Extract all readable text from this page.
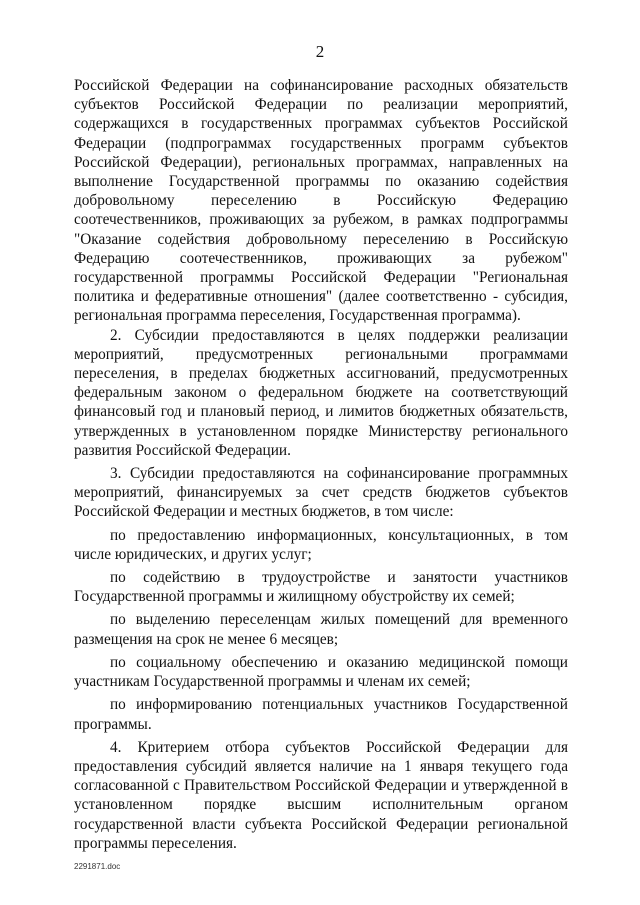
2

Российской Федерации на софинансирование расходных обязательств субъектов Российской Федерации по реализации мероприятий, содержащихся в государственных программах субъектов Российской Федерации (подпрограммах государственных программ субъектов Российской Федерации), региональных программах, направленных на выполнение Государственной программы по оказанию содействия добровольному переселению в Российскую Федерацию соотечественников, проживающих за рубежом, в рамках подпрограммы "Оказание содействия добровольному переселению в Российскую Федерацию соотечественников, проживающих за рубежом" государственной программы Российской Федерации "Региональная политика и федеративные отношения" (далее соответственно - субсидия, региональная программа переселения, Государственная программа).

2. Субсидии предоставляются в целях поддержки реализации мероприятий, предусмотренных региональными программами переселения, в пределах бюджетных ассигнований, предусмотренных федеральным законом о федеральном бюджете на соответствующий финансовый год и плановый период, и лимитов бюджетных обязательств, утвержденных в установленном порядке Министерству регионального развития Российской Федерации.

3. Субсидии предоставляются на софинансирование программных мероприятий, финансируемых за счет средств бюджетов субъектов Российской Федерации и местных бюджетов, в том числе:

по предоставлению информационных, консультационных, в том числе юридических, и других услуг;

по содействию в трудоустройстве и занятости участников Государственной программы и жилищному обустройству их семей;

по выделению переселенцам жилых помещений для временного размещения на срок не менее 6 месяцев;

по социальному обеспечению и оказанию медицинской помощи участникам Государственной программы и членам их семей;

по информированию потенциальных участников Государственной программы.

4. Критерием отбора субъектов Российской Федерации для предоставления субсидий является наличие на 1 января текущего года согласованной с Правительством Российской Федерации и утвержденной в установленном порядке высшим исполнительным органом государственной власти субъекта Российской Федерации региональной программы переселения.

2291871.doc
